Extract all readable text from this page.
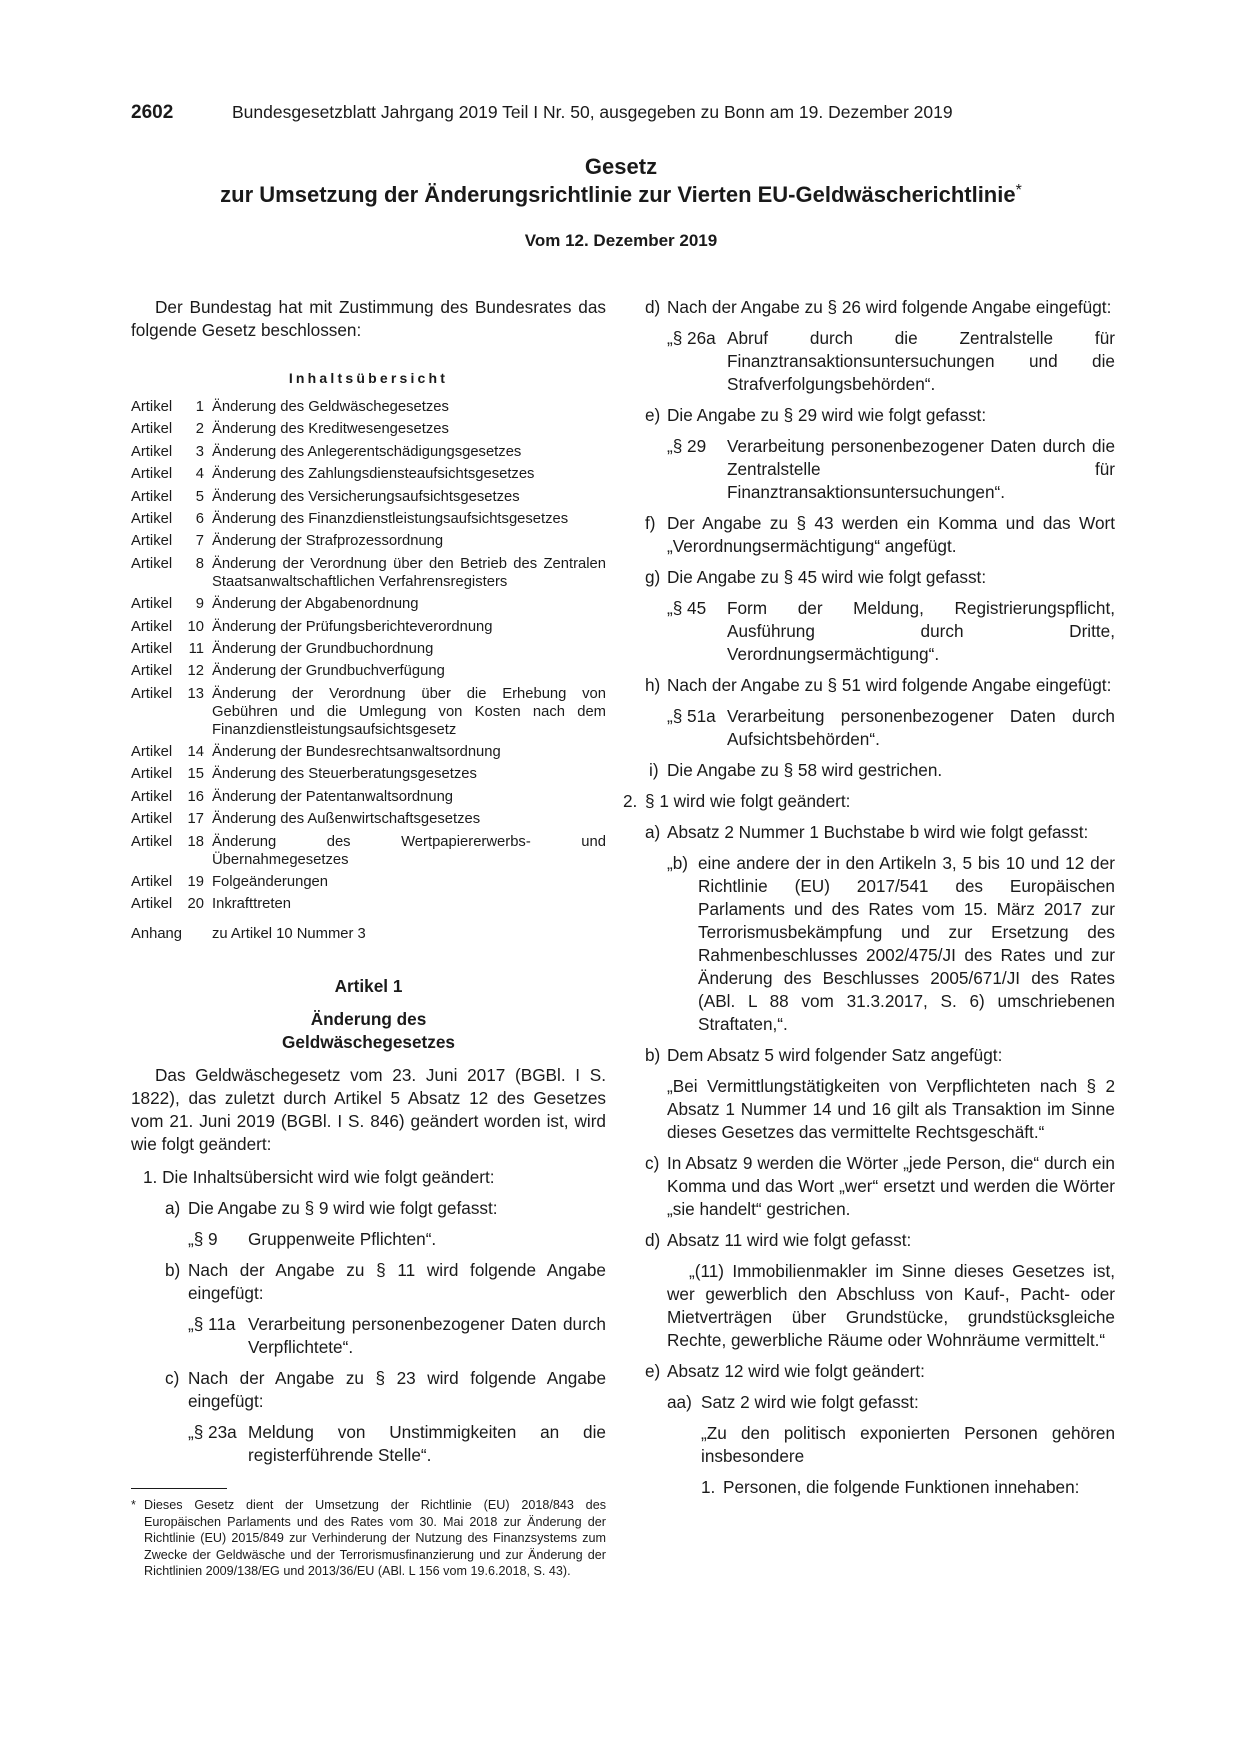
2602	Bundesgesetzblatt Jahrgang 2019 Teil I Nr. 50, ausgegeben zu Bonn am 19. Dezember 2019
Gesetz
zur Umsetzung der Änderungsrichtlinie zur Vierten EU-Geldwäscherichtlinie*
Vom 12. Dezember 2019

Der Bundestag hat mit Zustimmung des Bundesrates das folgende Gesetz beschlossen:

Inhaltsübersicht
Artikel	1 Änderung des Geldwäschegesetzes
Artikel	2 Änderung des Kreditwesengesetzes
Artikel	3 Änderung des Anlegerentschädigungsgesetzes
Artikel	4 Änderung des Zahlungsdiensteaufsichtsgesetzes
Artikel	5 Änderung des Versicherungsaufsichtsgesetzes
Artikel	6 Änderung des Finanzdienstleistungsaufsichtsgesetzes
Artikel	7 Änderung der Strafprozessordnung
Artikel	8 Änderung der Verordnung über den Betrieb des Zentralen Staatsanwaltschaftlichen Verfahrensregisters
Artikel	9 Änderung der Abgabenordnung
Artikel	10 Änderung der Prüfungsberichteverordnung
Artikel	11 Änderung der Grundbuchordnung
Artikel	12 Änderung der Grundbuchverfügung
Artikel	13 Änderung der Verordnung über die Erhebung von Gebühren und die Umlegung von Kosten nach dem Finanzdienstleistungsaufsichtsgesetz
Artikel	14 Änderung der Bundesrechtsanwaltsordnung
Artikel	15 Änderung des Steuerberatungsgesetzes
Artikel	16 Änderung der Patentanwaltsordnung
Artikel	17 Änderung des Außenwirtschaftsgesetzes
Artikel	18 Änderung des Wertpapiererwerbs- und Übernahmegesetzes
Artikel	19 Folgeänderungen
Artikel	20 Inkrafttreten
Anhang	zu Artikel 10 Nummer 3
Artikel 1
Änderung des
Geldwäschegesetzes

Das Geldwäschegesetz vom 23. Juni 2017 (BGBl. I S. 1822), das zuletzt durch Artikel 5 Absatz 12 des Gesetzes vom 21. Juni 2019 (BGBl. I S. 846) geändert worden ist, wird wie folgt geändert:

1. Die Inhaltsübersicht wird wie folgt geändert:

a) Die Angabe zu § 9 wird wie folgt gefasst:
„§ 9	Gruppenweite Pflichten“.
b) Nach der Angabe zu § 11 wird folgende Angabe eingefügt:
„§ 11a Verarbeitung personenbezogener Daten durch Verpflichtete“.
c) Nach der Angabe zu § 23 wird folgende Angabe eingefügt:
„§ 23a Meldung von Unstimmigkeiten an die registerführende Stelle“.
d) Nach der Angabe zu § 26 wird folgende Angabe eingefügt:
„§ 26a Abruf durch die Zentralstelle für Finanztransaktionsuntersuchungen und die Strafverfolgungsbehörden“.
e) Die Angabe zu § 29 wird wie folgt gefasst:
„§ 29	Verarbeitung personenbezogener Daten durch die Zentralstelle für Finanztransaktionsuntersuchungen“.
f) Der Angabe zu § 43 werden ein Komma und das Wort „Verordnungsermächtigung“ angefügt.
g) Die Angabe zu § 45 wird wie folgt gefasst:
„§ 45	Form der Meldung, Registrierungspflicht, Ausführung durch Dritte, Verordnungsermächtigung“.
h) Nach der Angabe zu § 51 wird folgende Angabe eingefügt:
„§ 51a Verarbeitung personenbezogener Daten durch Aufsichtsbehörden“.
i) Die Angabe zu § 58 wird gestrichen.
2. § 1 wird wie folgt geändert:
a) Absatz 2 Nummer 1 Buchstabe b wird wie folgt gefasst:
„b) eine andere der in den Artikeln 3, 5 bis 10 und 12 der Richtlinie (EU) 2017/541 des Europäischen Parlaments und des Rates vom 15. März 2017 zur Terrorismusbekämpfung und zur Ersetzung des Rahmenbeschlusses 2002/475/JI des Rates und zur Änderung des Beschlusses 2005/671/JI des Rates (ABl. L 88 vom 31.3.2017, S. 6) umschriebenen Straftaten,“.
b) Dem Absatz 5 wird folgender Satz angefügt:

„Bei Vermittlungstätigkeiten von Verpflichteten nach § 2 Absatz 1 Nummer 14 und 16 gilt als Transaktion im Sinne dieses Gesetzes das vermittelte Rechtsgeschäft.“

c) In Absatz 9 werden die Wörter „jede Person, die“ durch ein Komma und das Wort „wer“ ersetzt und werden die Wörter „sie handelt“ gestrichen.
d) Absatz 11 wird wie folgt gefasst:

„(11) Immobilienmakler im Sinne dieses Gesetzes ist, wer gewerblich den Abschluss von Kauf-, Pacht- oder Mietverträgen über Grundstücke, grundstücksgleiche Rechte, gewerbliche Räume oder Wohnräume vermittelt.“

e) Absatz 12 wird wie folgt geändert:
aa) Satz 2 wird wie folgt gefasst:

„Zu den politisch exponierten Personen gehören insbesondere

1. Personen, die folgende Funktionen innehaben:
* Dieses Gesetz dient der Umsetzung der Richtlinie (EU) 2018/843 des Europäischen Parlaments und des Rates vom 30. Mai 2018 zur Änderung der Richtlinie (EU) 2015/849 zur Verhinderung der Nutzung des Finanzsystems zum Zwecke der Geldwäsche und der Terrorismusfinanzierung und zur Änderung der Richtlinien 2009/138/EG und 2013/36/EU (ABl. L 156 vom 19.6.2018, S. 43).
